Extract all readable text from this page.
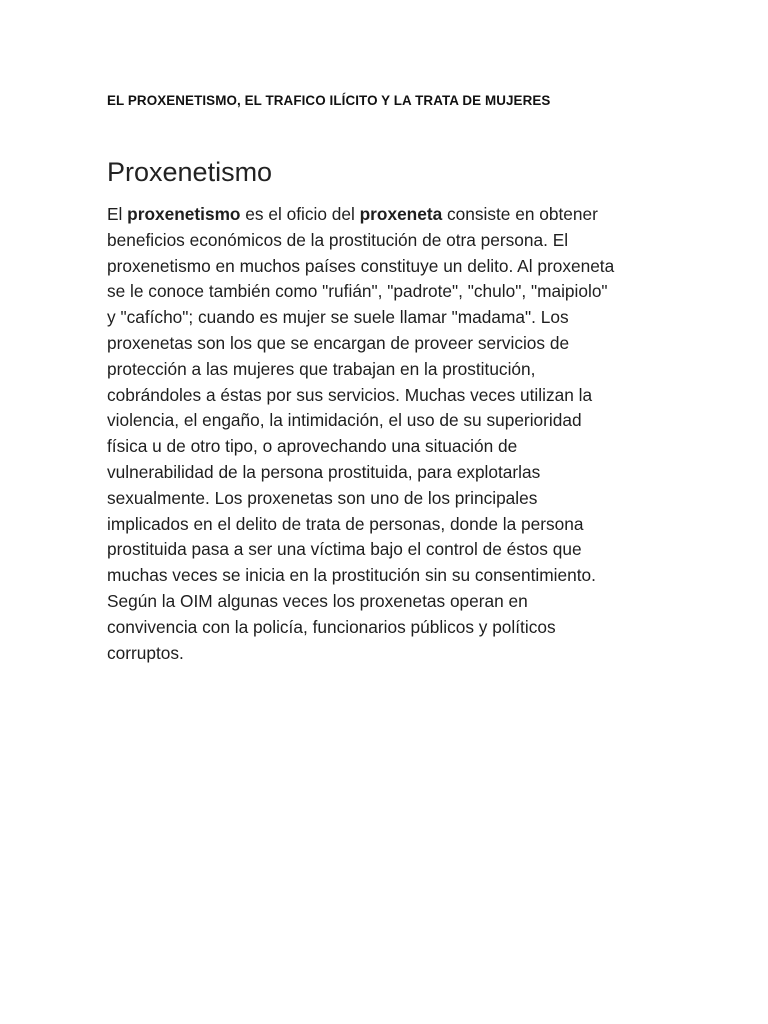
EL PROXENETISMO, EL TRAFICO ILÍCITO Y LA TRATA DE MUJERES
Proxenetismo

El proxenetismo es el oficio del proxeneta consiste en obtener
beneficios económicos de la prostitución de otra persona. El
proxenetismo en muchos países constituye un delito. Al proxeneta
se le conoce también como "rufián", "padrote", "chulo", "maipiolo"
y "cafícho"; cuando es mujer se suele llamar "madama". Los
proxenetas son los que se encargan de proveer servicios de
protección a las mujeres que trabajan en la prostitución,
cobrándoles a éstas por sus servicios. Muchas veces utilizan la
violencia, el engaño, la intimidación, el uso de su superioridad
física u de otro tipo, o aprovechando una situación de
vulnerabilidad de la persona prostituida, para explotarlas
sexualmente. Los proxenetas son uno de los principales
implicados en el delito de trata de personas, donde la persona
prostituida pasa a ser una víctima bajo el control de éstos que
muchas veces se inicia en la prostitución sin su consentimiento.
Según la OIM algunas veces los proxenetas operan en
convivencia con la policía, funcionarios públicos y políticos
corruptos.
